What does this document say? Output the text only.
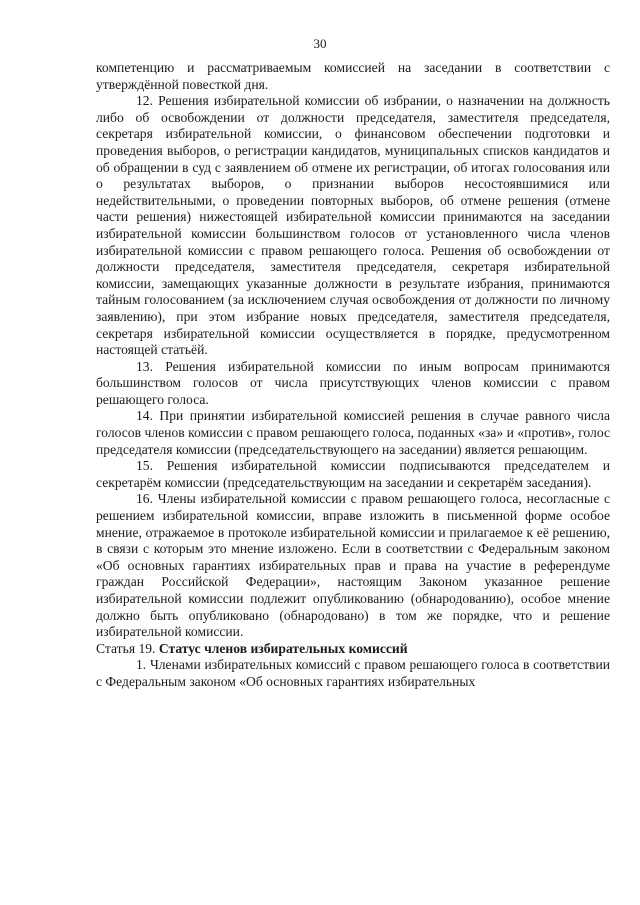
30

компетенцию и рассматриваемым комиссией на заседании в соответствии с утверждённой повесткой дня.

12. Решения избирательной комиссии об избрании, о назначении на должность либо об освобождении от должности председателя, заместителя председателя, секретаря избирательной комиссии, о финансовом обеспечении подготовки и проведения выборов, о регистрации кандидатов, муниципальных списков кандидатов и об обращении в суд с заявлением об отмене их регистрации, об итогах голосования или о результатах выборов, о признании выборов несостоявшимися или недействительными, о проведении повторных выборов, об отмене решения (отмене части решения) нижестоящей избирательной комиссии принимаются на заседании избирательной комиссии большинством голосов от установленного числа членов избирательной комиссии с правом решающего голоса. Решения об освобождении от должности председателя, заместителя председателя, секретаря избирательной комиссии, замещающих указанные должности в результате избрания, принимаются тайным голосованием (за исключением случая освобождения от должности по личному заявлению), при этом избрание новых председателя, заместителя председателя, секретаря избирательной комиссии осуществляется в порядке, предусмотренном настоящей статьёй.

13. Решения избирательной комиссии по иным вопросам принимаются большинством голосов от числа присутствующих членов комиссии с правом решающего голоса.

14. При принятии избирательной комиссией решения в случае равного числа голосов членов комиссии с правом решающего голоса, поданных «за» и «против», голос председателя комиссии (председательствующего на заседании) является решающим.

15. Решения избирательной комиссии подписываются председателем и секретарём комиссии (председательствующим на заседании и секретарём заседания).

16. Члены избирательной комиссии с правом решающего голоса, несогласные с решением избирательной комиссии, вправе изложить в письменной форме особое мнение, отражаемое в протоколе избирательной комиссии и прилагаемое к её решению, в связи с которым это мнение изложено. Если в соответствии с Федеральным законом «Об основных гарантиях избирательных прав и права на участие в референдуме граждан Российской Федерации», настоящим Законом указанное решение избирательной комиссии подлежит опубликованию (обнародованию), особое мнение должно быть опубликовано (обнародовано) в том же порядке, что и решение избирательной комиссии.

Статья 19. Статус членов избирательных комиссий

1. Членами избирательных комиссий с правом решающего голоса в соответствии с Федеральным законом «Об основных гарантиях избирательных
